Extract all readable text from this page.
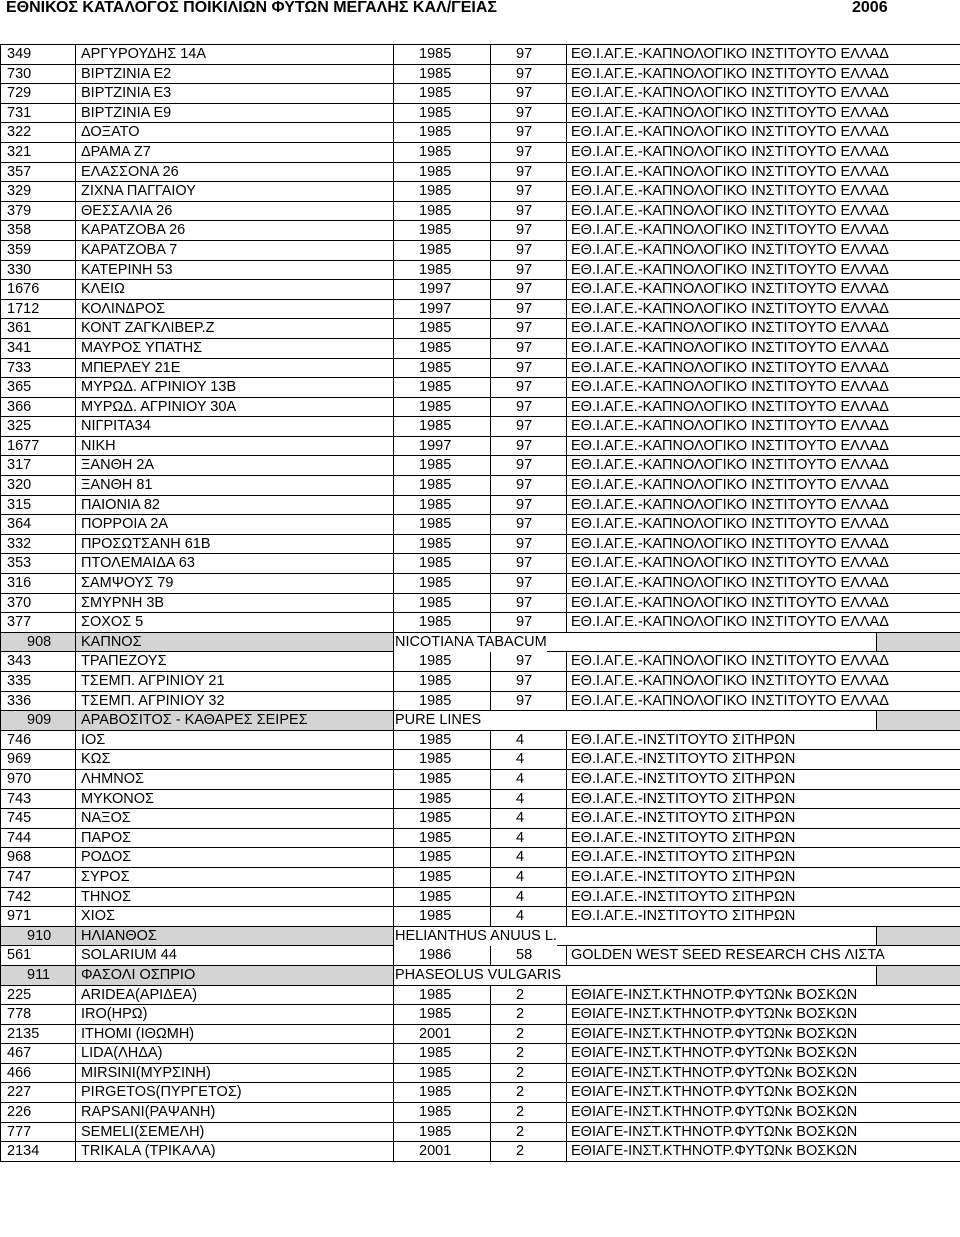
ΕΘΝΙΚΟΣ ΚΑΤΑΛΟΓΟΣ ΠΟΙΚΙΛΙΩΝ ΦΥΤΩΝ ΜΕΓΑΛΗΣ ΚΑΛ/ΓΕΙΑΣ	2006
349	ΑΡΓΥΡΟΥΔΗΣ 14Α	1985	97	ΕΘ.Ι.ΑΓ.Ε.-ΚΑΠΝΟΛΟΓΙΚΟ ΙΝΣΤΙΤΟΥΤΟ ΕΛΛΑΔ
730	ΒΙΡΤΖΙΝΙΑ Ε2	1985	97	ΕΘ.Ι.ΑΓ.Ε.-ΚΑΠΝΟΛΟΓΙΚΟ ΙΝΣΤΙΤΟΥΤΟ ΕΛΛΑΔ
729	ΒΙΡΤΖΙΝΙΑ Ε3	1985	97	ΕΘ.Ι.ΑΓ.Ε.-ΚΑΠΝΟΛΟΓΙΚΟ ΙΝΣΤΙΤΟΥΤΟ ΕΛΛΑΔ
731	ΒΙΡΤΖΙΝΙΑ Ε9	1985	97	ΕΘ.Ι.ΑΓ.Ε.-ΚΑΠΝΟΛΟΓΙΚΟ ΙΝΣΤΙΤΟΥΤΟ ΕΛΛΑΔ
322	ΔΟΞΑΤΟ	1985	97	ΕΘ.Ι.ΑΓ.Ε.-ΚΑΠΝΟΛΟΓΙΚΟ ΙΝΣΤΙΤΟΥΤΟ ΕΛΛΑΔ
321	ΔΡΑΜΑ Ζ7	1985	97	ΕΘ.Ι.ΑΓ.Ε.-ΚΑΠΝΟΛΟΓΙΚΟ ΙΝΣΤΙΤΟΥΤΟ ΕΛΛΑΔ
357	ΕΛΑΣΣΟΝΑ 26	1985	97	ΕΘ.Ι.ΑΓ.Ε.-ΚΑΠΝΟΛΟΓΙΚΟ ΙΝΣΤΙΤΟΥΤΟ ΕΛΛΑΔ
329	ΖΙΧΝΑ ΠΑΓΓΑΙΟΥ	1985	97	ΕΘ.Ι.ΑΓ.Ε.-ΚΑΠΝΟΛΟΓΙΚΟ ΙΝΣΤΙΤΟΥΤΟ ΕΛΛΑΔ
379	ΘΕΣΣΑΛΙΑ 26	1985	97	ΕΘ.Ι.ΑΓ.Ε.-ΚΑΠΝΟΛΟΓΙΚΟ ΙΝΣΤΙΤΟΥΤΟ ΕΛΛΑΔ
358	ΚΑΡΑΤΖΟΒΑ 26	1985	97	ΕΘ.Ι.ΑΓ.Ε.-ΚΑΠΝΟΛΟΓΙΚΟ ΙΝΣΤΙΤΟΥΤΟ ΕΛΛΑΔ
359	ΚΑΡΑΤΖΟΒΑ 7	1985	97	ΕΘ.Ι.ΑΓ.Ε.-ΚΑΠΝΟΛΟΓΙΚΟ ΙΝΣΤΙΤΟΥΤΟ ΕΛΛΑΔ
330	ΚΑΤΕΡΙΝΗ 53	1985	97	ΕΘ.Ι.ΑΓ.Ε.-ΚΑΠΝΟΛΟΓΙΚΟ ΙΝΣΤΙΤΟΥΤΟ ΕΛΛΑΔ
1676	ΚΛΕΙΩ	1997	97	ΕΘ.Ι.ΑΓ.Ε.-ΚΑΠΝΟΛΟΓΙΚΟ ΙΝΣΤΙΤΟΥΤΟ ΕΛΛΑΔ
1712	ΚΟΛΙΝΔΡΟΣ	1997	97	ΕΘ.Ι.ΑΓ.Ε.-ΚΑΠΝΟΛΟΓΙΚΟ ΙΝΣΤΙΤΟΥΤΟ ΕΛΛΑΔ
361	ΚΟΝΤ ΖΑΓΚΛΙΒΕΡ.Ζ	1985	97	ΕΘ.Ι.ΑΓ.Ε.-ΚΑΠΝΟΛΟΓΙΚΟ ΙΝΣΤΙΤΟΥΤΟ ΕΛΛΑΔ
341	ΜΑΥΡΟΣ ΥΠΑΤΗΣ	1985	97	ΕΘ.Ι.ΑΓ.Ε.-ΚΑΠΝΟΛΟΓΙΚΟ ΙΝΣΤΙΤΟΥΤΟ ΕΛΛΑΔ
733	ΜΠΕΡΛΕΥ 21Ε	1985	97	ΕΘ.Ι.ΑΓ.Ε.-ΚΑΠΝΟΛΟΓΙΚΟ ΙΝΣΤΙΤΟΥΤΟ ΕΛΛΑΔ
365	ΜΥΡΩΔ. ΑΓΡΙΝΙΟΥ 13Β	1985	97	ΕΘ.Ι.ΑΓ.Ε.-ΚΑΠΝΟΛΟΓΙΚΟ ΙΝΣΤΙΤΟΥΤΟ ΕΛΛΑΔ
366	ΜΥΡΩΔ. ΑΓΡΙΝΙΟΥ 30Α	1985	97	ΕΘ.Ι.ΑΓ.Ε.-ΚΑΠΝΟΛΟΓΙΚΟ ΙΝΣΤΙΤΟΥΤΟ ΕΛΛΑΔ
325	ΝΙΓΡΙΤΑ34	1985	97	ΕΘ.Ι.ΑΓ.Ε.-ΚΑΠΝΟΛΟΓΙΚΟ ΙΝΣΤΙΤΟΥΤΟ ΕΛΛΑΔ
1677	ΝΙΚΗ	1997	97	ΕΘ.Ι.ΑΓ.Ε.-ΚΑΠΝΟΛΟΓΙΚΟ ΙΝΣΤΙΤΟΥΤΟ ΕΛΛΑΔ
317	ΞΑΝΘΗ 2Α	1985	97	ΕΘ.Ι.ΑΓ.Ε.-ΚΑΠΝΟΛΟΓΙΚΟ ΙΝΣΤΙΤΟΥΤΟ ΕΛΛΑΔ
320	ΞΑΝΘΗ 81	1985	97	ΕΘ.Ι.ΑΓ.Ε.-ΚΑΠΝΟΛΟΓΙΚΟ ΙΝΣΤΙΤΟΥΤΟ ΕΛΛΑΔ
315	ΠΑΙΟΝΙΑ 82	1985	97	ΕΘ.Ι.ΑΓ.Ε.-ΚΑΠΝΟΛΟΓΙΚΟ ΙΝΣΤΙΤΟΥΤΟ ΕΛΛΑΔ
364	ΠΟΡΡΟΙΑ 2Α	1985	97	ΕΘ.Ι.ΑΓ.Ε.-ΚΑΠΝΟΛΟΓΙΚΟ ΙΝΣΤΙΤΟΥΤΟ ΕΛΛΑΔ
332	ΠΡΟΣΩΤΣΑΝΗ 61Β	1985	97	ΕΘ.Ι.ΑΓ.Ε.-ΚΑΠΝΟΛΟΓΙΚΟ ΙΝΣΤΙΤΟΥΤΟ ΕΛΛΑΔ
353	ΠΤΟΛΕΜΑΙΔΑ 63	1985	97	ΕΘ.Ι.ΑΓ.Ε.-ΚΑΠΝΟΛΟΓΙΚΟ ΙΝΣΤΙΤΟΥΤΟ ΕΛΛΑΔ
316	ΣΑΜΨΟΥΣ 79	1985	97	ΕΘ.Ι.ΑΓ.Ε.-ΚΑΠΝΟΛΟΓΙΚΟ ΙΝΣΤΙΤΟΥΤΟ ΕΛΛΑΔ
370	ΣΜΥΡΝΗ 3Β	1985	97	ΕΘ.Ι.ΑΓ.Ε.-ΚΑΠΝΟΛΟΓΙΚΟ ΙΝΣΤΙΤΟΥΤΟ ΕΛΛΑΔ
377	ΣΟΧΟΣ 5	1985	97	ΕΘ.Ι.ΑΓ.Ε.-ΚΑΠΝΟΛΟΓΙΚΟ ΙΝΣΤΙΤΟΥΤΟ ΕΛΛΑΔ
908 ΚΑΠΝΟΣ	NICOTIANA TABACUM
343	ΤΡΑΠΕΖΟΥΣ	1985	97	ΕΘ.Ι.ΑΓ.Ε.-ΚΑΠΝΟΛΟΓΙΚΟ ΙΝΣΤΙΤΟΥΤΟ ΕΛΛΑΔ
335	ΤΣΕΜΠ. ΑΓΡΙΝΙΟΥ 21	1985	97	ΕΘ.Ι.ΑΓ.Ε.-ΚΑΠΝΟΛΟΓΙΚΟ ΙΝΣΤΙΤΟΥΤΟ ΕΛΛΑΔ
336	ΤΣΕΜΠ. ΑΓΡΙΝΙΟΥ 32	1985	97	ΕΘ.Ι.ΑΓ.Ε.-ΚΑΠΝΟΛΟΓΙΚΟ ΙΝΣΤΙΤΟΥΤΟ ΕΛΛΑΔ
909 ΑΡΑΒΟΣΙΤΟΣ - ΚΑΘΑΡΕΣ ΣΕΙΡΕΣ	PURE LINES
746	ΙΟΣ	1985	4	ΕΘ.Ι.ΑΓ.Ε.-ΙΝΣΤΙΤΟΥΤΟ ΣΙΤΗΡΩΝ
969	ΚΩΣ	1985	4	ΕΘ.Ι.ΑΓ.Ε.-ΙΝΣΤΙΤΟΥΤΟ ΣΙΤΗΡΩΝ
970	ΛΗΜΝΟΣ	1985	4	ΕΘ.Ι.ΑΓ.Ε.-ΙΝΣΤΙΤΟΥΤΟ ΣΙΤΗΡΩΝ
743	ΜΥΚΟΝΟΣ	1985	4	ΕΘ.Ι.ΑΓ.Ε.-ΙΝΣΤΙΤΟΥΤΟ ΣΙΤΗΡΩΝ
745	ΝΑΞΟΣ	1985	4	ΕΘ.Ι.ΑΓ.Ε.-ΙΝΣΤΙΤΟΥΤΟ ΣΙΤΗΡΩΝ
744	ΠΑΡΟΣ	1985	4	ΕΘ.Ι.ΑΓ.Ε.-ΙΝΣΤΙΤΟΥΤΟ ΣΙΤΗΡΩΝ
968	ΡΟΔΟΣ	1985	4	ΕΘ.Ι.ΑΓ.Ε.-ΙΝΣΤΙΤΟΥΤΟ ΣΙΤΗΡΩΝ
747	ΣΥΡΟΣ	1985	4	ΕΘ.Ι.ΑΓ.Ε.-ΙΝΣΤΙΤΟΥΤΟ ΣΙΤΗΡΩΝ
742	ΤΗΝΟΣ	1985	4	ΕΘ.Ι.ΑΓ.Ε.-ΙΝΣΤΙΤΟΥΤΟ ΣΙΤΗΡΩΝ
971	ΧΙΟΣ	1985	4	ΕΘ.Ι.ΑΓ.Ε.-ΙΝΣΤΙΤΟΥΤΟ ΣΙΤΗΡΩΝ
910 ΗΛΙΑΝΘΟΣ	HELIANTHUS ANUUS L.
561	SOLARIUM 44	1986	58	GOLDEN WEST SEED RESEARCH CHS ΛΙΣΤΑ
911 ΦΑΣΟΛΙ ΟΣΠΡΙΟ	PHASEOLUS VULGARIS
225	ARIDEA(ΑΡΙΔΕΑ)	1985	2	ΕΘΙΑΓΕ-ΙΝΣΤ.ΚΤΗΝΟΤΡ.ΦΥΤΩΝκ ΒΟΣΚΩΝ
778	IRO(ΗΡΩ)	1985	2	ΕΘΙΑΓΕ-ΙΝΣΤ.ΚΤΗΝΟΤΡ.ΦΥΤΩΝκ ΒΟΣΚΩΝ
2135	ITHOMI (ΙΘΩΜΗ)	2001	2	ΕΘΙΑΓΕ-ΙΝΣΤ.ΚΤΗΝΟΤΡ.ΦΥΤΩΝκ ΒΟΣΚΩΝ
467	LIDA(ΛΗΔΑ)	1985	2	ΕΘΙΑΓΕ-ΙΝΣΤ.ΚΤΗΝΟΤΡ.ΦΥΤΩΝκ ΒΟΣΚΩΝ
466	MIRSINI(ΜΥΡΣΙΝΗ)	1985	2	ΕΘΙΑΓΕ-ΙΝΣΤ.ΚΤΗΝΟΤΡ.ΦΥΤΩΝκ ΒΟΣΚΩΝ
227	PIRGETOS(ΠΥΡΓΕΤΟΣ)	1985	2	ΕΘΙΑΓΕ-ΙΝΣΤ.ΚΤΗΝΟΤΡ.ΦΥΤΩΝκ ΒΟΣΚΩΝ
226	RAPSANI(ΡΑΨΑΝΗ)	1985	2	ΕΘΙΑΓΕ-ΙΝΣΤ.ΚΤΗΝΟΤΡ.ΦΥΤΩΝκ ΒΟΣΚΩΝ
777	SEMELI(ΣΕΜΕΛΗ)	1985	2	ΕΘΙΑΓΕ-ΙΝΣΤ.ΚΤΗΝΟΤΡ.ΦΥΤΩΝκ ΒΟΣΚΩΝ
2134	TRIKALA (ΤΡΙΚΑΛΑ)	2001	2	ΕΘΙΑΓΕ-ΙΝΣΤ.ΚΤΗΝΟΤΡ.ΦΥΤΩΝκ ΒΟΣΚΩΝ
